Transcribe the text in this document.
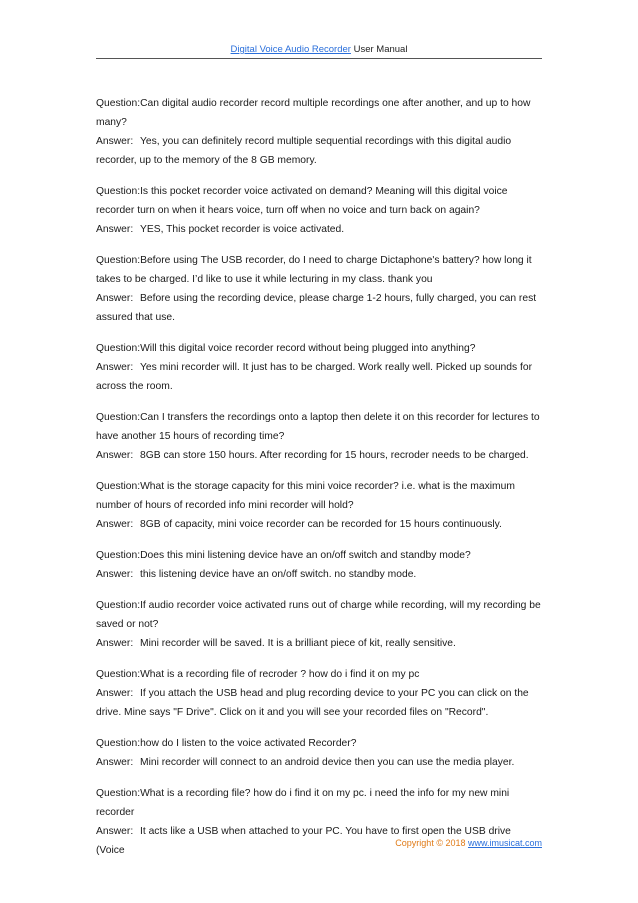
Digital Voice Audio Recorder User Manual

Question:Can digital audio recorder record multiple recordings one after another, and up to how many?

Answer: Yes, you can definitely record multiple sequential recordings with this digital audio recorder, up to the memory of the 8 GB memory.

Question:Is this pocket recorder voice activated on demand? Meaning will this digital voice recorder turn on when it hears voice, turn off when no voice and turn back on again?

Answer: YES, This pocket recorder is voice activated.

Question:Before using The USB recorder, do I need to charge Dictaphone's battery? how long it takes to be charged. I’d like to use it while lecturing in my class. thank you

Answer: Before using the recording device, please charge 1-2 hours, fully charged, you can rest assured that use.

Question:Will this digital voice recorder record without being plugged into anything?

Answer: Yes mini recorder will. It just has to be charged. Work really well. Picked up sounds for across the room.

Question:Can I transfers the recordings onto a laptop then delete it on this recorder for lectures to have another 15 hours of recording time?

Answer: 8GB can store 150 hours. After recording for 15 hours, recroder needs to be charged.

Question:What is the storage capacity for this mini voice recorder? i.e. what is the maximum number of hours of recorded info mini recorder will hold?

Answer: 8GB of capacity, mini voice recorder can be recorded for 15 hours continuously.

Question:Does this mini listening device have an on/off switch and standby mode?

Answer: this listening device have an on/off switch. no standby mode.

Question:If audio recorder voice activated runs out of charge while recording, will my recording be saved or not?

Answer: Mini recorder will be saved. It is a brilliant piece of kit, really sensitive.

Question:What is a recording file of recroder ? how do i find it on my pc

Answer: If you attach the USB head and plug recording device to your PC you can click on the drive. Mine says "F Drive". Click on it and you will see your recorded files on "Record".

Question:how do I listen to the voice activated Recorder?

Answer: Mini recorder will connect to an android device then you can use the media player.

Question:What is a recording file? how do i find it on my pc. i need the info for my new mini recorder

Answer: It acts like a USB when attached to your PC. You have to first open the USB drive (Voice

Copyright © 2018 www.imusicat.com
